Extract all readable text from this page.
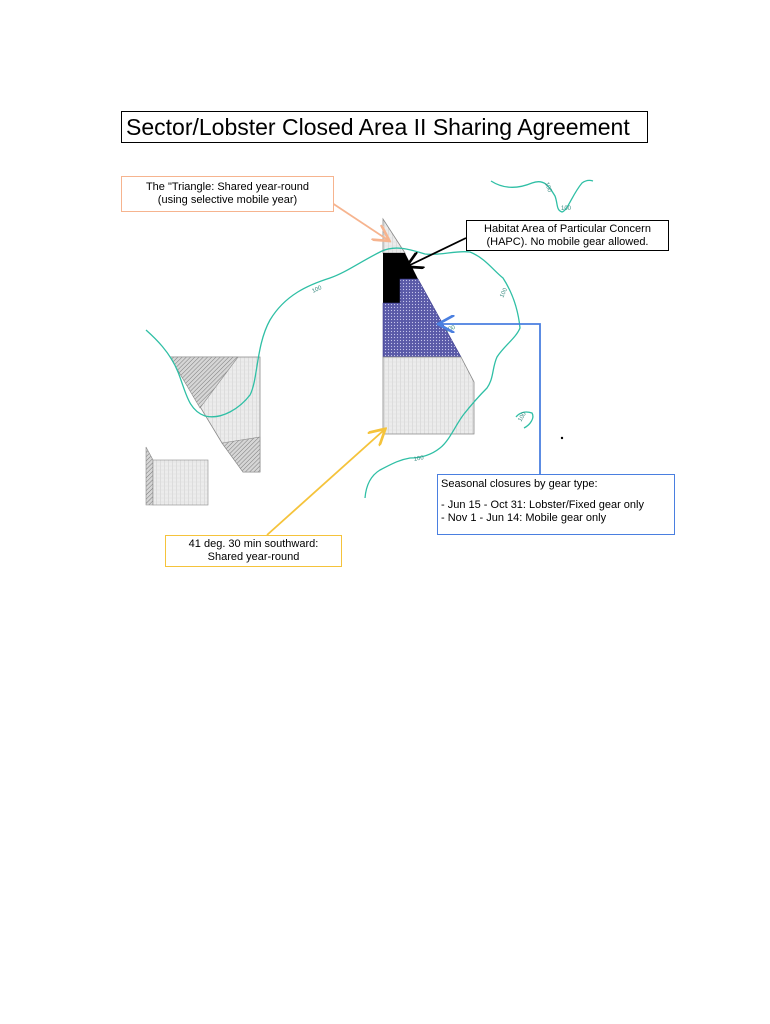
100
100
100	100
100
100
100
Sector/Lobster Closed Area II Sharing Agreement
The "Triangle: Shared year-round
(using selective mobile year)
Habitat Area of Particular Concern
(HAPC). No mobile gear allowed.
Seasonal closures by gear type:
- Jun 15 - Oct 31: Lobster/Fixed gear only
- Nov 1 - Jun 14: Mobile gear only
41 deg. 30 min southward:
Shared year-round
